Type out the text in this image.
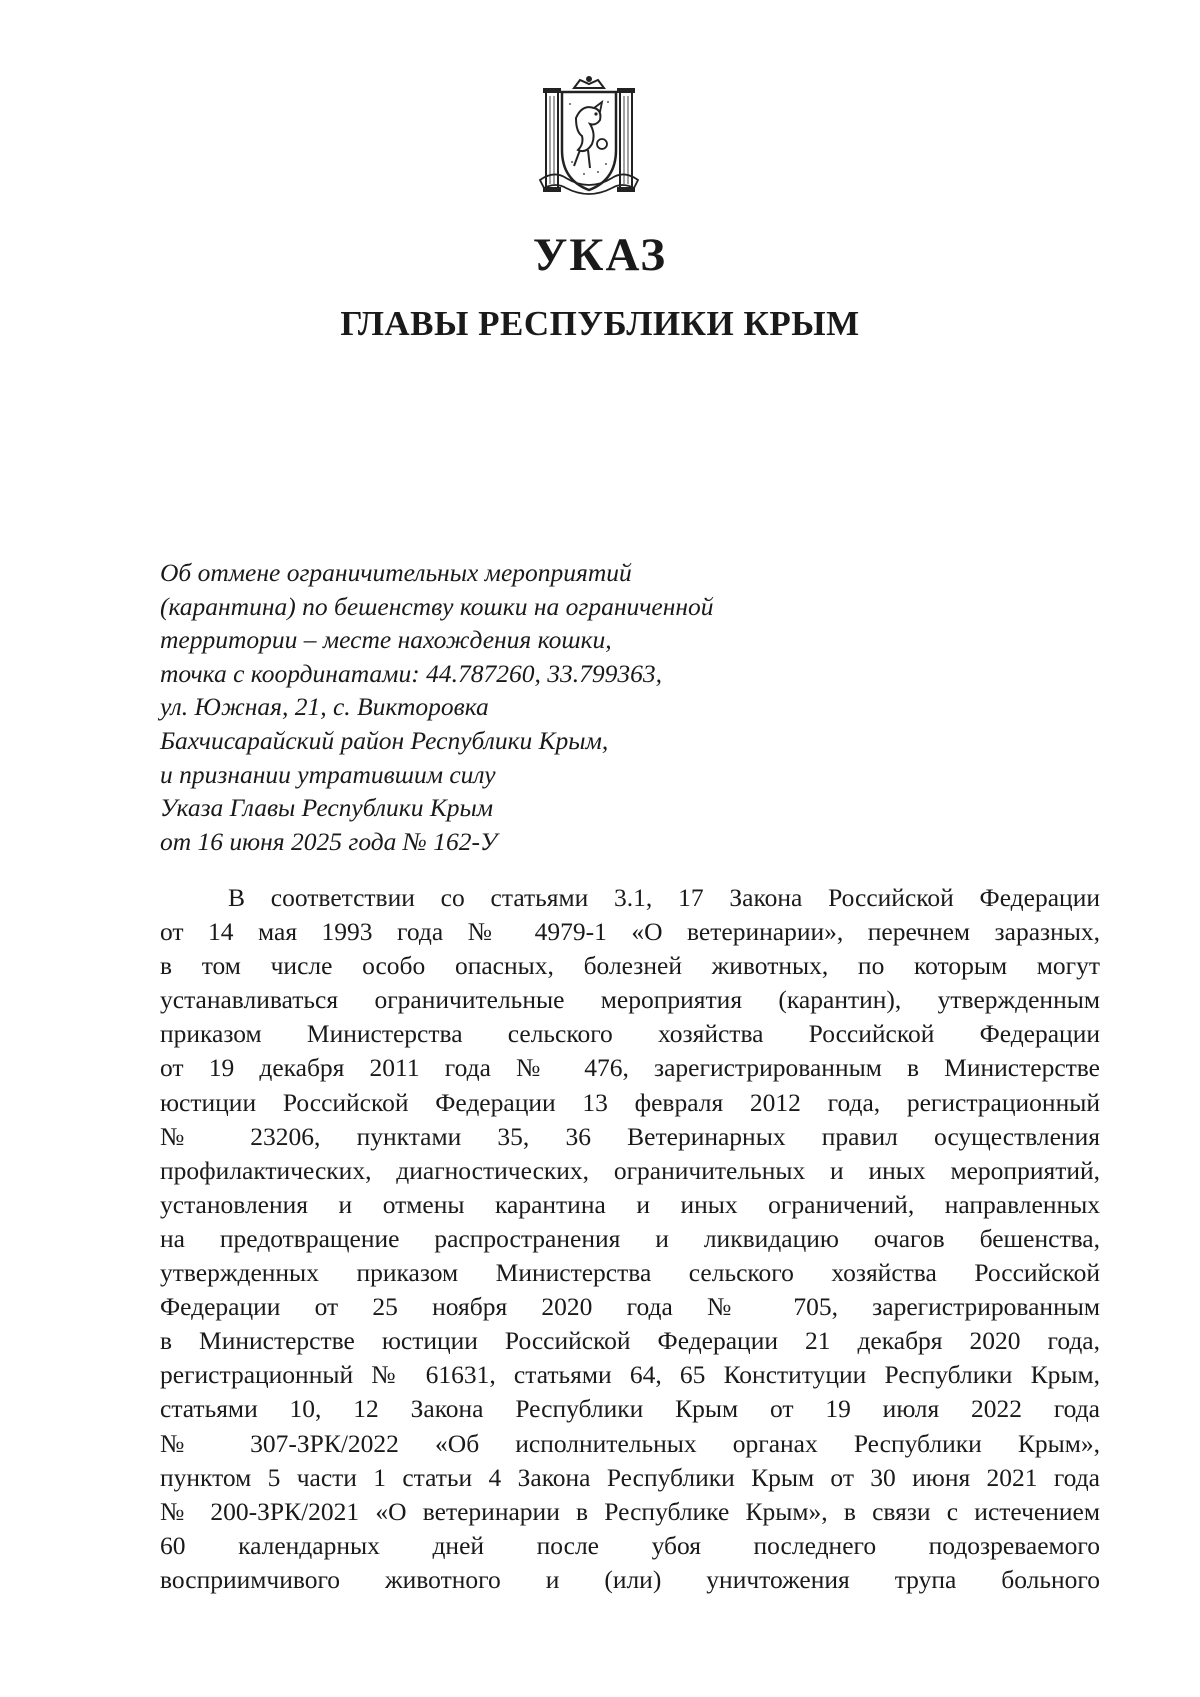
УКАЗ
ГЛАВЫ РЕСПУБЛИКИ КРЫМ
Об отмене ограничительных мероприятий
(карантина) по бешенству кошки на ограниченной
территории – месте нахождения кошки,
точка с координатами: 44.787260, 33.799363,
ул. Южная, 21, с. Викторовка
Бахчисарайский район Республики Крым,
и признании утратившим силу
Указа Главы Республики Крым
от 16 июня 2025 года № 162-У
В соответствии со статьями 3.1, 17 Закона Российской Федерации
от 14 мая 1993 года № 4979-1 «О ветеринарии», перечнем заразных,
в том числе особо опасных, болезней животных, по которым могут
устанавливаться ограничительные мероприятия (карантин), утвержденным
приказом Министерства сельского хозяйства Российской Федерации
от 19 декабря 2011 года № 476, зарегистрированным в Министерстве
юстиции Российской Федерации 13 февраля 2012 года, регистрационный
№ 23206, пунктами 35, 36 Ветеринарных правил осуществления
профилактических, диагностических, ограничительных и иных мероприятий,
установления и отмены карантина и иных ограничений, направленных
на предотвращение распространения и ликвидацию очагов бешенства,
утвержденных приказом Министерства сельского хозяйства Российской
Федерации от 25 ноября 2020 года № 705, зарегистрированным
в Министерстве юстиции Российской Федерации 21 декабря 2020 года,
регистрационный № 61631, статьями 64, 65 Конституции Республики Крым,
статьями 10, 12 Закона Республики Крым от 19 июля 2022 года
№ 307-ЗРК/2022 «Об исполнительных органах Республики Крым»,
пунктом 5 части 1 статьи 4 Закона Республики Крым от 30 июня 2021 года
№ 200-ЗРК/2021 «О ветеринарии в Республике Крым», в связи с истечением
60 календарных дней после убоя последнего подозреваемого
восприимчивого животного и (или) уничтожения трупа больного
